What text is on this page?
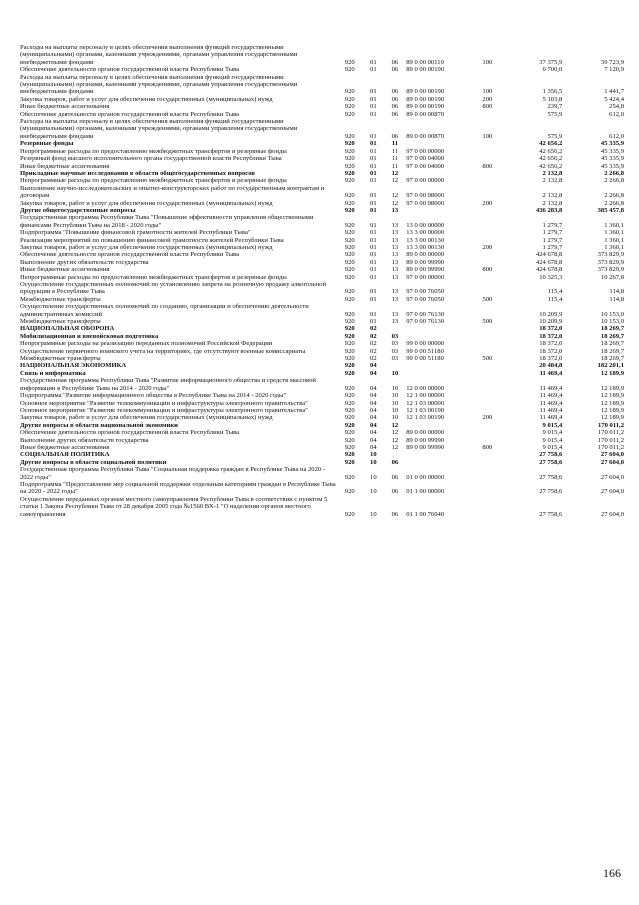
Расходы на выплаты персоналу в целях обеспечения выполнения функций государственными (муниципальными) органами, казенными учреждениями, органами управления государственными внебюджетными фондами	920	01	06	89 0 00 00110	100	37 375,9	39 723,9
Обеспечение деятельности органов государственной власти Республики Тыва	920	01	06	89 0 00 00190		6 700,0	7 120,9
Расходы на выплаты персоналу в целях обеспечения выполнения функций государственными (муниципальными) органами, казенными учреждениями, органами управления государственными внебюджетными фондами	920	01	06	89 0 00 00190	100	1 356,5	1 441,7
Закупка товаров, работ и услуг для обеспечения государственных (муниципальных) нужд	920	01	06	89 0 00 00190	200	5 103,8	5 424,4
Иные бюджетные ассигнования	920	01	06	89 0 00 00190	800	239,7	254,8
Обеспечение деятельности органов государственной власти Республики Тыва	920	01	06	89 0 00 00870		575,9	612,0
Расходы на выплаты персоналу в целях обеспечения выполнения функций государственными (муниципальными) органами, казенными учреждениями, органами управления государственными внебюджетными фондами	920	01	06	89 0 00 00870	100	575,9	612,0
Резервные фонды	920	01	11			42 656,2	45 335,9
Непрограммные расходы по предоставлению межбюджетных трансфертов и резервные фонды	920	01	11	97 0 00 00000		42 656,2	45 335,9
Резервный фонд высшего исполнительного органа государственной власти Республики Тыва	920	01	11	97 0 00 04000		42 656,2	45 335,9
Иные бюджетные ассигнования	920	01	11	97 0 00 04000	800	42 656,2	45 335,9
Прикладные научные исследования в области общегосударственных вопросов	920	01	12			2 132,8	2 266,8
Непрограммные расходы по предоставлению межбюджетных трансфертов и резервные фонды	920	01	12	97 0 00 00000		2 132,8	2 266,8
Выполнение научно-исследовательских и опытно-конструкторских работ по государственным контрактам и договорам	920	01	12	97 0 00 08000		2 132,8	2 266,8
Закупка товаров, работ и услуг для обеспечения государственных (муниципальных) нужд	920	01	12	97 0 00 08000	200	2 132,8	2 266,8
Другие общегосударственные вопросы	920	01	13			436 283,8	385 457,8
Государственная программа Республики Тыва "Повышение эффективности управления общественными финансами Республики Тыва на 2018 - 2020 годы"	920	01	13	13 0 00 00000		1 279,7	1 360,1
Подпрограмма "Повышение финансовой грамотности жителей Республики Тыва"	920	01	13	13 3 00 00000		1 279,7	1 360,1
Реализация мероприятий по повышению финансовой грамотности жителей Республики Тыва	920	01	13	13 3 00 00130		1 279,7	1 360,1
Закупка товаров, работ и услуг для обеспечения государственных (муниципальных) нужд	920	01	13	13 3 00 00130	200	1 279,7	1 360,1
Обеспечение деятельности органов государственной власти Республики Тыва	920	01	13	89 0 00 00000		424 678,8	373 829,9
Выполнение других обязательств государства	920	01	13	89 0 00 99990		424 678,8	373 829,9
Иные бюджетные ассигнования	920	01	13	89 0 00 99990	800	424 678,8	373 829,9
Непрограммные расходы по предоставлению межбюджетных трансфертов и резервные фонды	920	01	13	97 0 00 00000		10 325,3	10 267,8
Осуществление государственных полномочий по установлению запрета на розничную продажу алкогольной продукции в Республике Тыва	920	01	13	97 0 00 76050		115,4	114,8
Межбюджетные трансферты	920	01	13	97 0 00 76050	500	115,4	114,8
Осуществление государственных полномочий по созданию, организации и обеспечению деятельности административных комиссий	920	01	13	97 0 00 76130		10 209,9	10 153,0
Межбюджетные трансферты	920	01	13	97 0 00 76130	500	10 209,9	10 153,0
НАЦИОНАЛЬНАЯ ОБОРОНА	920	02				18 372,0	18 269,7
Мобилизационная и вневойсковая подготовка	920	02	03			18 372,0	18 269,7
Непрограммные расходы на реализацию переданных полномочий Российской Федерации	920	02	03	99 0 00 00000		18 372,0	18 269,7
Осуществление первичного воинского учета на территориях, где отсутствуют военные комиссариаты	920	02	03	99 0 00 51180		18 372,0	18 269,7
Межбюджетные трансферты	920	02	03	99 0 00 51180	500	18 372,0	18 269,7
НАЦИОНАЛЬНАЯ ЭКОНОМИКА	920	04				20 484,8	182 201,1
Связь и информатика	920	04	10			11 469,4	12 189,9
Государственная программа Республики Тыва "Развитие информационного общества и средств массовой информации в Республике Тыва на 2014 - 2020 годы"	920	04	10	12 0 00 00000		11 469,4	12 189,9
Подпрограмма "Развитие информационного общества в Республике Тыва на 2014 - 2020 годы"	920	04	10	12 1 00 00000		11 469,4	12 189,9
Основное мероприятие "Развитие телекоммуникации и инфраструктуры электронного правительства"	920	04	10	12 1 03 00000		11 469,4	12 189,9
Основное мероприятие "Развитие телекоммуникации и инфраструктуры электронного правительства"	920	04	10	12 1 03 00190		11 469,4	12 189,9
Закупка товаров, работ и услуг для обеспечения государственных (муниципальных) нужд	920	04	10	12 1 03 00190	200	11 469,4	12 189,9
Другие вопросы в области национальной экономики	920	04	12			9 015,4	170 011,2
Обеспечение деятельности органов государственной власти Республики Тыва	920	04	12	89 0 00 00000		9 015,4	170 011,2
Выполнение других обязательств государства	920	04	12	89 0 00 99990		9 015,4	170 011,2
Иные бюджетные ассигнования	920	04	12	89 0 00 99990	800	9 015,4	170 011,2
СОЦИАЛЬНАЯ ПОЛИТИКА	920	10				27 758,6	27 604,0
Другие вопросы в области социальной политики	920	10	06			27 758,6	27 604,0
Государственная программа Республики Тыва "Социальная поддержка граждан в Республике Тыва на 2020 - 2022 годы"	920	10	06	01 0 00 00000		27 758,6	27 604,0
Подпрограмма "Предоставление мер социальной поддержки отдельным категориям граждан в Республике Тыва на 2020 - 2022 годы"	920	10	06	01 1 00 00000		27 758,6	27 604,0
Осуществление переданных органам местного самоуправления Республики Тыва в соответствии с пунктом 5 статьи 1 Закона Республики Тыва от 28 декабря 2005 года №1560 ВХ-1 "О наделении органов местного самоуправления	920	10	06	01 1 00 76040		27 758,6	27 604,0
166
